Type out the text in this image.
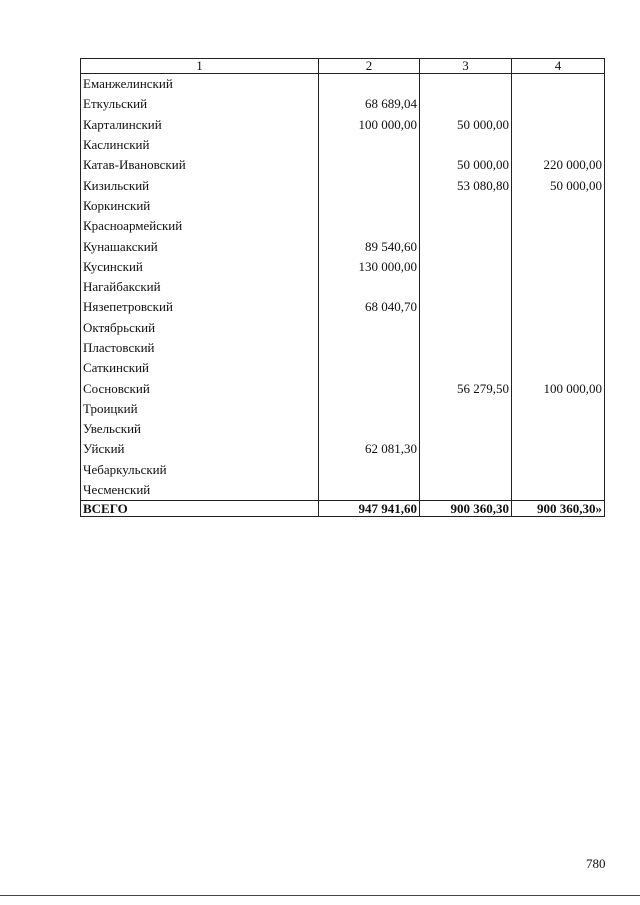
1	2	3	4
Еманжелинский			
Еткульский	68 689,04		
Карталинский	100 000,00	50 000,00	
Каслинский			
Катав-Ивановский		50 000,00	220 000,00
Кизильский		53 080,80	50 000,00
Коркинский			
Красноармейский			
Кунашакский	89 540,60		
Кусинский	130 000,00		
Нагайбакский			
Нязепетровский	68 040,70		
Октябрьский			
Пластовский			
Саткинский			
Сосновский		56 279,50	100 000,00
Троицкий			
Увельский			
Уйский	62 081,30		
Чебаркульский			
Чесменский			
ВСЕГО	947 941,60	900 360,30	900 360,30»
780
